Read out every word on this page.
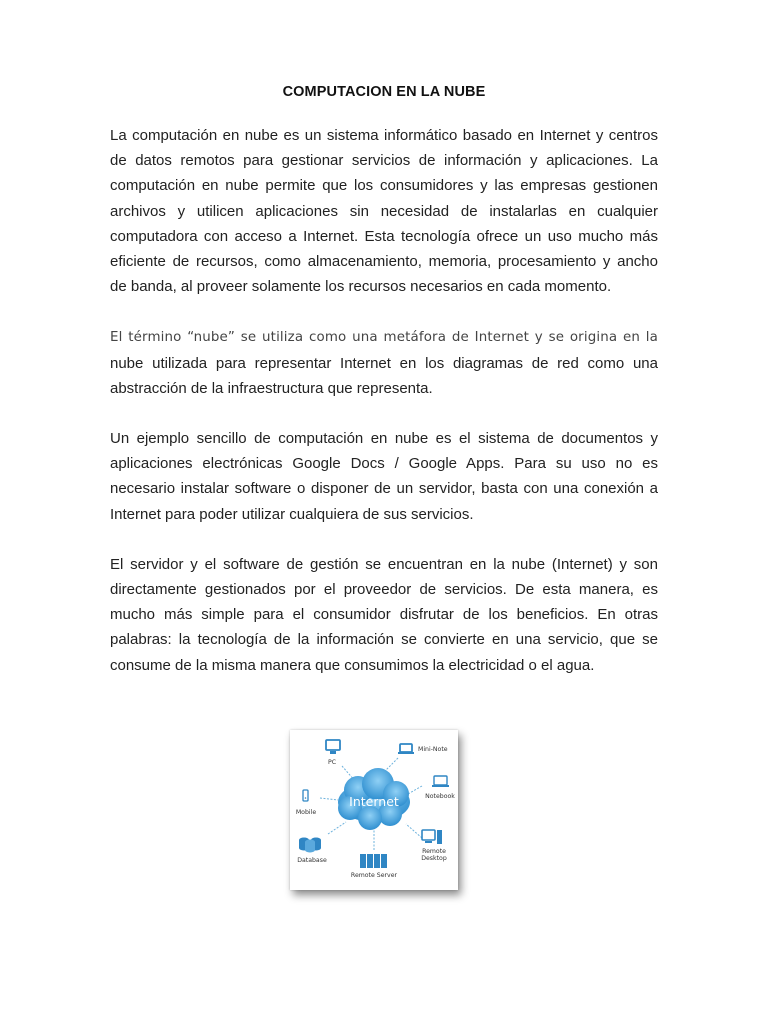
COMPUTACION EN LA NUBE

La computación en nube es un sistema informático basado en Internet y centros de datos remotos para gestionar servicios de información y aplicaciones. La computación en nube permite que los consumidores y las empresas gestionen archivos y utilicen aplicaciones sin necesidad de instalarlas en cualquier computadora con acceso a Internet. Esta tecnología ofrece un uso mucho más eficiente de recursos, como almacenamiento, memoria, procesamiento y ancho de banda, al proveer solamente los recursos necesarios en cada momento.

El término “nube” se utiliza como una metáfora de Internet y se origina en la nube utilizada para representar Internet en los diagramas de red como una abstracción de la infraestructura que representa.

Un ejemplo sencillo de computación en nube es el sistema de documentos y aplicaciones electrónicas Google Docs / Google Apps. Para su uso no es necesario instalar software o disponer de un servidor, basta con una conexión a Internet para poder utilizar cualquiera de sus servicios.

El servidor y el software de gestión se encuentran en la nube (Internet) y son directamente gestionados por el proveedor de servicios. De esta manera, es mucho más simple para el consumidor disfrutar de los beneficios. En otras palabras: la tecnología de la información se convierte en una servicio, que se consume de la misma manera que consumimos la electricidad o el agua.

Internet
PC
Mini-Note
Notebook
Mobile
Database
Remote Server
Remote
Desktop
